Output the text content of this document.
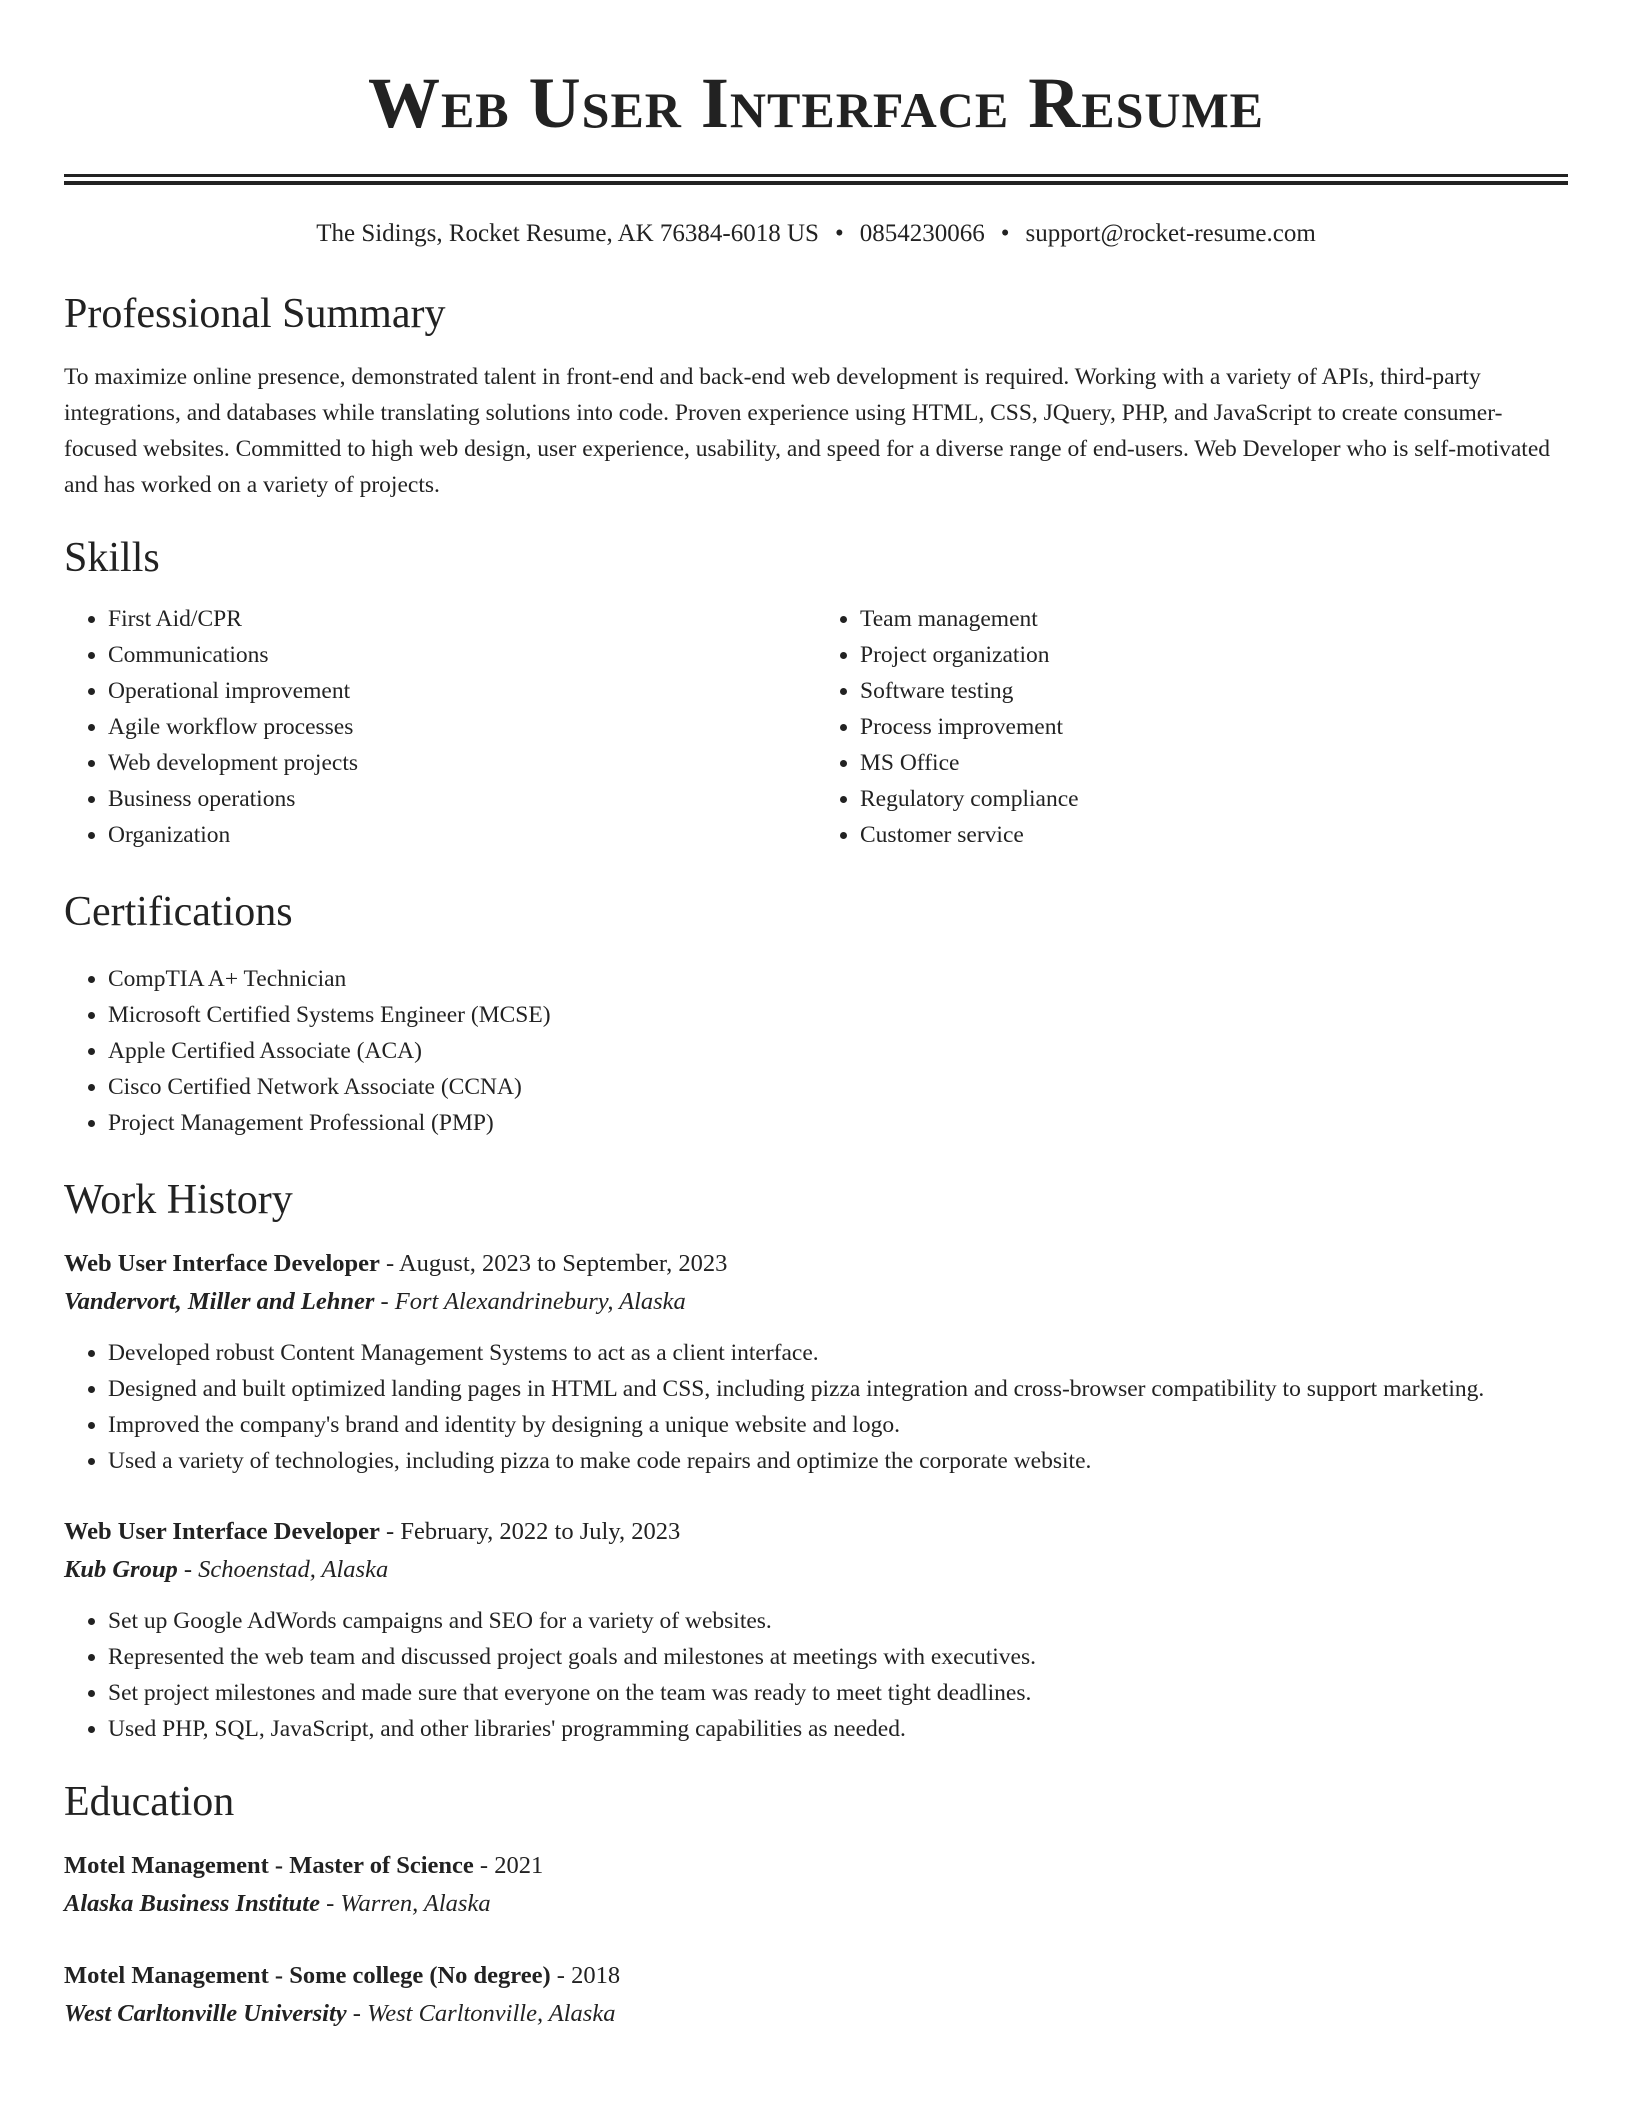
Web User Interface Resume
The Sidings, Rocket Resume, AK 76384-6018 US • 0854230066 • support@rocket-resume.com
Professional Summary

To maximize online presence, demonstrated talent in front-end and back-end web development is required. Working with a variety of APIs, third-party integrations, and databases while translating solutions into code. Proven experience using HTML, CSS, JQuery, PHP, and JavaScript to create consumer-focused websites. Committed to high web design, user experience, usability, and speed for a diverse range of end-users. Web Developer who is self-motivated and has worked on a variety of projects.

Skills
• First Aid/CPR
• Communications
• Operational improvement
• Agile workflow processes
• Web development projects
• Business operations
• Organization
• Team management
• Project organization
• Software testing
• Process improvement
• MS Office
• Regulatory compliance
• Customer service
Certifications
• CompTIA A+ Technician
• Microsoft Certified Systems Engineer (MCSE)
• Apple Certified Associate (ACA)
• Cisco Certified Network Associate (CCNA)
• Project Management Professional (PMP)
Work History
Web User Interface Developer - August, 2023 to September, 2023
Vandervort, Miller and Lehner - Fort Alexandrinebury, Alaska
• Developed robust Content Management Systems to act as a client interface.
• Designed and built optimized landing pages in HTML and CSS, including pizza integration and cross-browser compatibility to support marketing.
• Improved the company's brand and identity by designing a unique website and logo.
• Used a variety of technologies, including pizza to make code repairs and optimize the corporate website.
Web User Interface Developer - February, 2022 to July, 2023
Kub Group - Schoenstad, Alaska
• Set up Google AdWords campaigns and SEO for a variety of websites.
• Represented the web team and discussed project goals and milestones at meetings with executives.
• Set project milestones and made sure that everyone on the team was ready to meet tight deadlines.
• Used PHP, SQL, JavaScript, and other libraries' programming capabilities as needed.
Education
Motel Management - Master of Science - 2021
Alaska Business Institute - Warren, Alaska
Motel Management - Some college (No degree) - 2018
West Carltonville University - West Carltonville, Alaska
